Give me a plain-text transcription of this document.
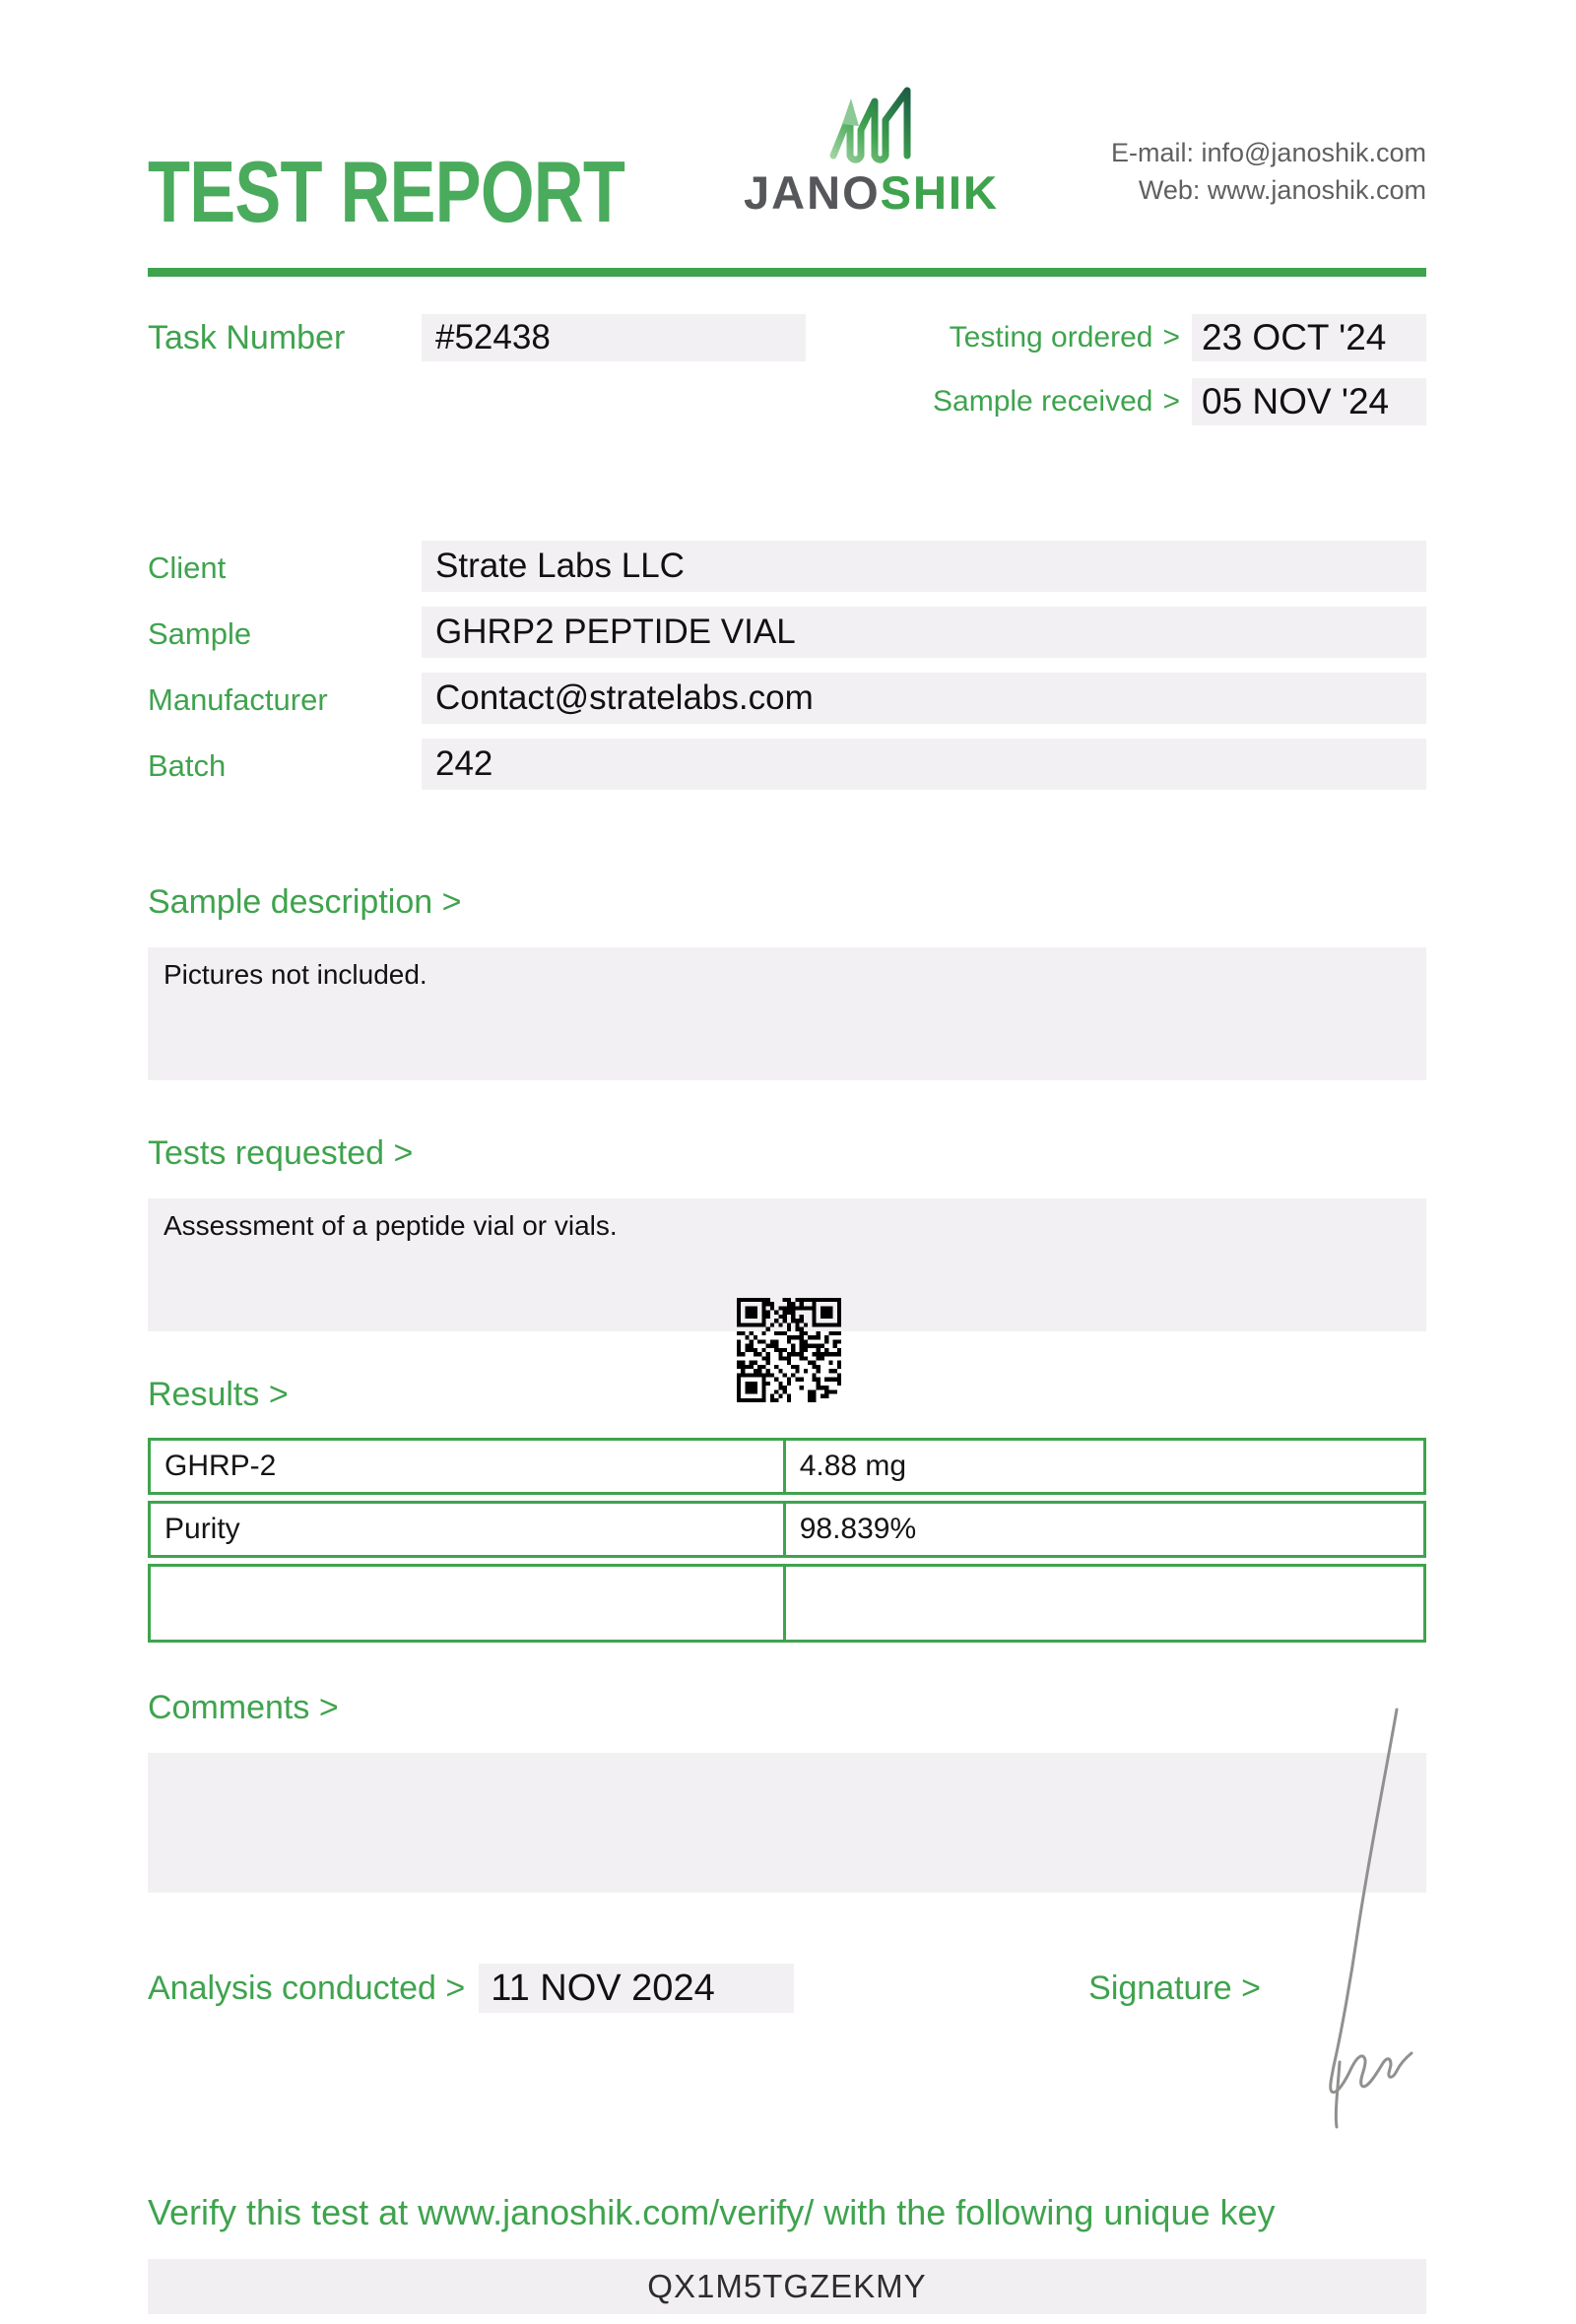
TEST REPORT	JANOSHIK
E-mail: info@janoshik.com
Web: www.janoshik.com
Task Number	#52438	Testing ordered > 23 OCT '24
Sample received > 05 NOV '24
Client	Strate Labs LLC
Sample	GHRP2 PEPTIDE VIAL
Manufacturer	Contact@stratelabs.com
Batch	242
Sample description >
Pictures not included.
Tests requested >
Assessment of a peptide vial or vials.
Results >
GHRP-2	4.88 mg
Purity	98.839%
Comments >
Analysis conducted > 11 NOV 2024	Signature >
Verify this test at www.janoshik.com/verify/ with the following unique key
QX1M5TGZEKMY
